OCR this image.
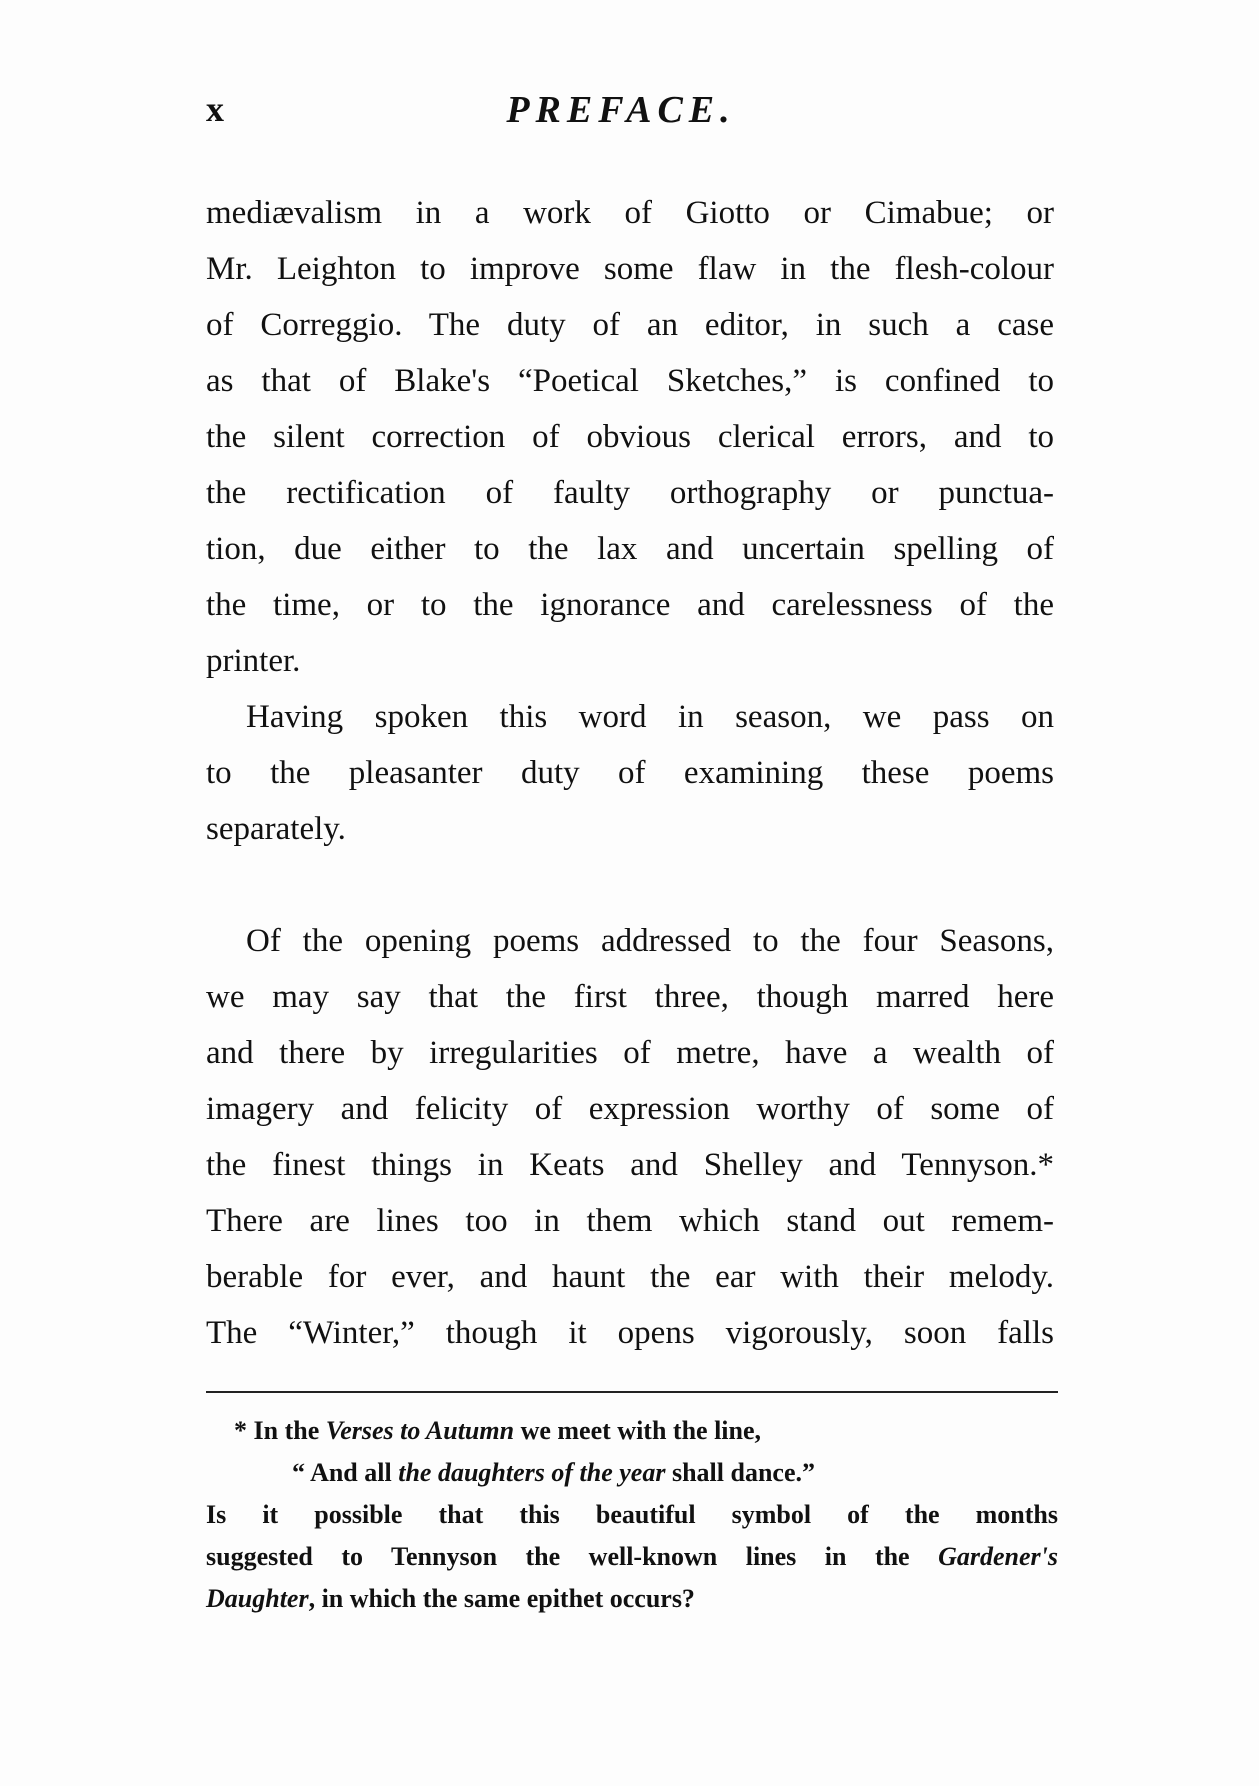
x	PREFACE.
mediævalism in a work of Giotto or Cimabue; or
Mr. Leighton to improve some flaw in the flesh-colour
of Correggio. The duty of an editor, in such a case
as that of Blake's “Poetical Sketches,” is confined to
the silent correction of obvious clerical errors, and to
the rectification of faulty orthography or punctua-
tion, due either to the lax and uncertain spelling of
the time, or to the ignorance and carelessness of the
printer.
Having spoken this word in season, we pass on
to the pleasanter duty of examining these poems
separately.
Of the opening poems addressed to the four Seasons,
we may say that the first three, though marred here
and there by irregularities of metre, have a wealth of
imagery and felicity of expression worthy of some of
the finest things in Keats and Shelley and Tennyson.*
There are lines too in them which stand out remem-
berable for ever, and haunt the ear with their melody.
The “Winter,” though it opens vigorously, soon falls
* In the Verses to Autumn we meet with the line,
“ And all the daughters of the year shall dance.”
Is it possible that this beautiful symbol of the months
suggested to Tennyson the well-known lines in the Gardener's
Daughter, in which the same epithet occurs?
